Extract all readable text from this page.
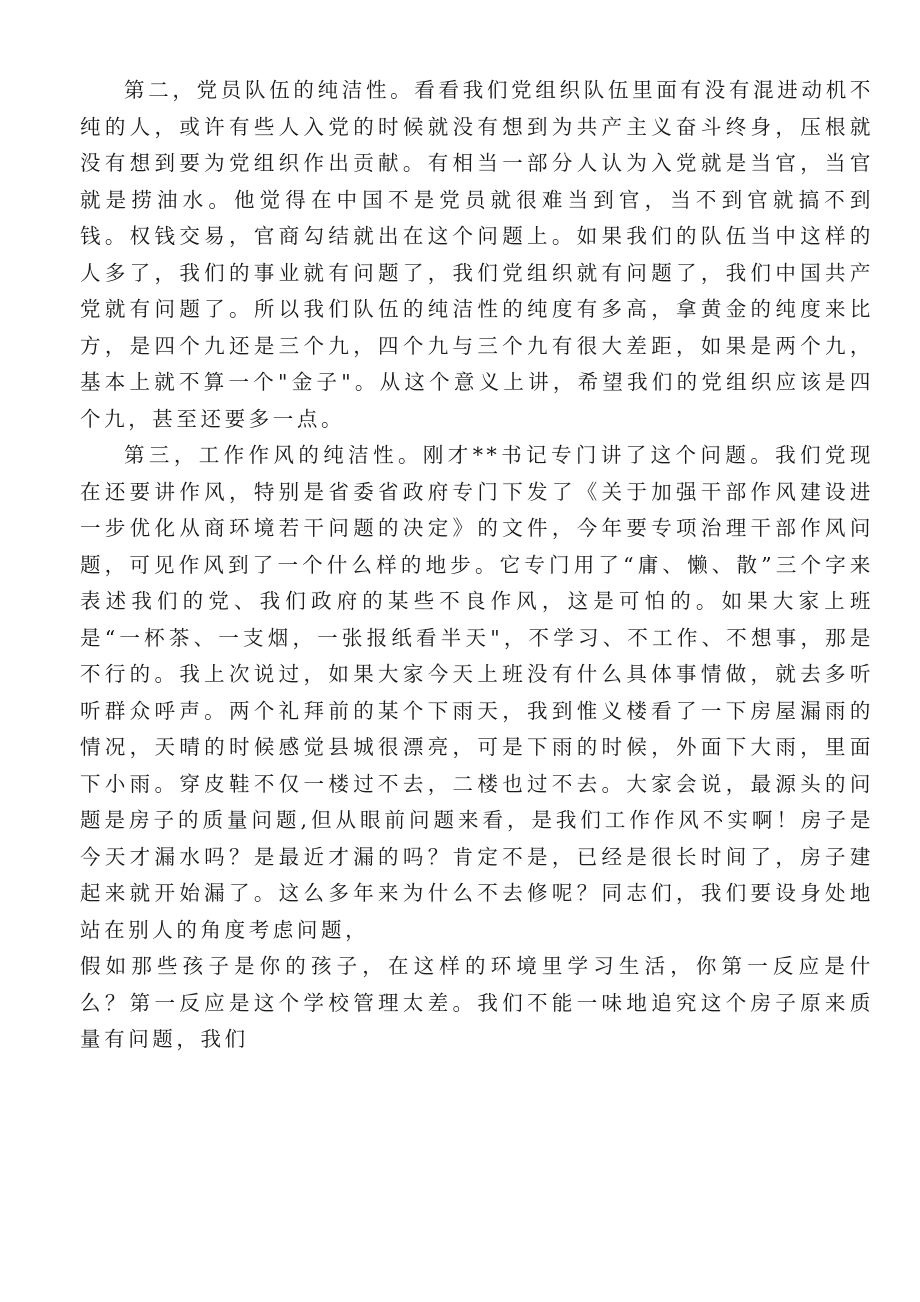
第二，党员队伍的纯洁性。看看我们党组织队伍里面有没有混进动机不纯的人，或许有些人入党的时候就没有想到为共产主义奋斗终身，压根就没有想到要为党组织作出贡献。有相当一部分人认为入党就是当官，当官就是捞油水。他觉得在中国不是党员就很难当到官，当不到官就搞不到钱。权钱交易，官商勾结就出在这个问题上。如果我们的队伍当中这样的人多了，我们的事业就有问题了，我们党组织就有问题了，我们中国共产党就有问题了。所以我们队伍的纯洁性的纯度有多高，拿黄金的纯度来比方，是四个九还是三个九，四个九与三个九有很大差距，如果是两个九，基本上就不算一个"金子"。从这个意义上讲，希望我们的党组织应该是四个九，甚至还要多一点。

第三，工作作风的纯洁性。刚才**书记专门讲了这个问题。我们党现在还要讲作风，特别是省委省政府专门下发了《关于加强干部作风建设进一步优化从商环境若干问题的决定》的文件，今年要专项治理干部作风问题，可见作风到了一个什么样的地步。它专门用了“庸、懒、散”三个字来表述我们的党、我们政府的某些不良作风，这是可怕的。如果大家上班是“一杯茶、一支烟，一张报纸看半天"，不学习、不工作、不想事，那是不行的。我上次说过，如果大家今天上班没有什么具体事情做，就去多听听群众呼声。两个礼拜前的某个下雨天，我到惟义楼看了一下房屋漏雨的情况，天晴的时候感觉县城很漂亮，可是下雨的时候，外面下大雨，里面下小雨。穿皮鞋不仅一楼过不去，二楼也过不去。大家会说，最源头的问题是房子的质量问题,但从眼前问题来看，是我们工作作风不实啊！房子是今天才漏水吗？是最近才漏的吗？肯定不是，已经是很长时间了，房子建起来就开始漏了。这么多年来为什么不去修呢？同志们，我们要设身处地站在别人的角度考虑问题，

假如那些孩子是你的孩子，在这样的环境里学习生活，你第一反应是什么？第一反应是这个学校管理太差。我们不能一味地追究这个房子原来质量有问题，我们
